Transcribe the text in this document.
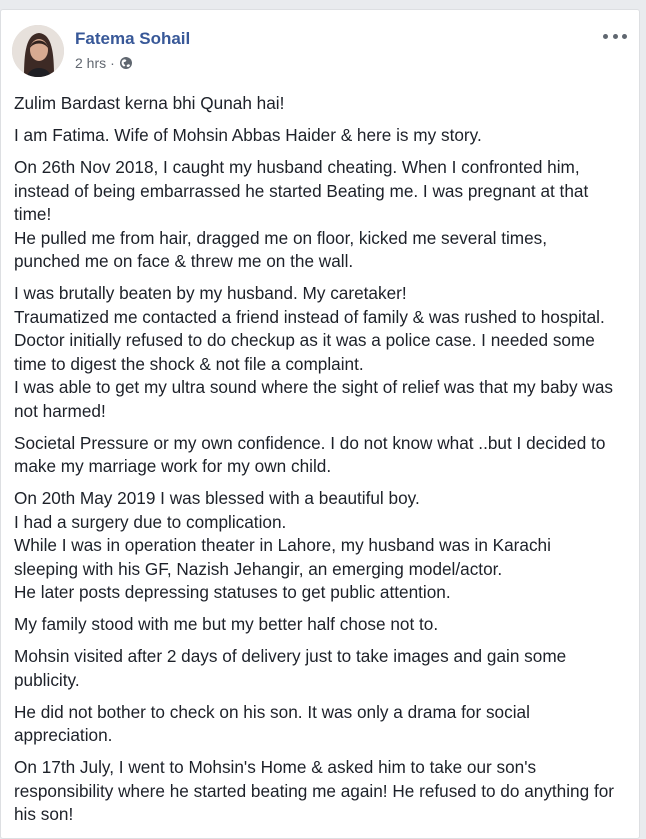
Fatema Sohail
2 hrs ·

Zulim Bardast kerna bhi Qunah hai!

I am Fatima. Wife of Mohsin Abbas Haider & here is my story.

On 26th Nov 2018, I caught my husband cheating. When I confronted him,
instead of being embarrassed he started Beating me. I was pregnant at that
time!
He pulled me from hair, dragged me on floor, kicked me several times,
punched me on face & threw me on the wall.

I was brutally beaten by my husband. My caretaker!
Traumatized me contacted a friend instead of family & was rushed to hospital.
Doctor initially refused to do checkup as it was a police case. I needed some
time to digest the shock & not file a complaint.
I was able to get my ultra sound where the sight of relief was that my baby was
not harmed!

Societal Pressure or my own confidence. I do not know what ..but I decided to
make my marriage work for my own child.

On 20th May 2019 I was blessed with a beautiful boy.
I had a surgery due to complication.
While I was in operation theater in Lahore, my husband was in Karachi
sleeping with his GF, Nazish Jehangir, an emerging model/actor.
He later posts depressing statuses to get public attention.

My family stood with me but my better half chose not to.

Mohsin visited after 2 days of delivery just to take images and gain some
publicity.

He did not bother to check on his son. It was only a drama for social
appreciation.

On 17th July, I went to Mohsin's Home & asked him to take our son's
responsibility where he started beating me again! He refused to do anything for
his son!
